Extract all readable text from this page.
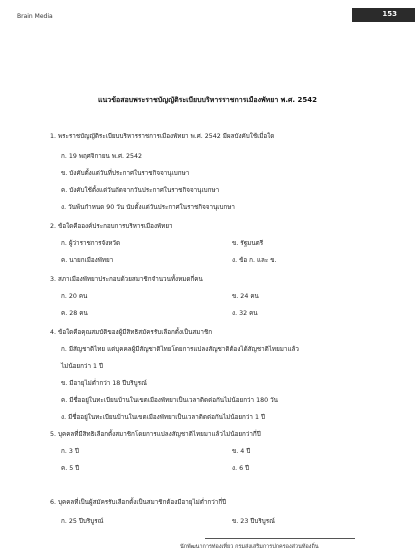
Brain Media	153
แนวข้อสอบพระราชบัญญัติระเบียบบริหารราชการเมืองพัทยา พ.ศ. 2542
1. พระราชบัญญัติระเบียบบริหารราชการเมืองพัทยา พ.ศ. 2542 มีผลบังคับใช้เมื่อใด
ก. 19 พฤศจิกายน พ.ศ. 2542
ข. บังคับตั้งแต่วันที่ประกาศในราชกิจจานุเบกษา
ค. บังคับใช้ตั้งแต่วันถัดจากวันประกาศในราชกิจจานุเบกษา
ง. วันพ้นกำหนด 90 วัน นับตั้งแต่วันประกาศในราชกิจจานุเบกษา
2. ข้อใดคือองค์ประกอบการบริหารเมืองพัทยา
ก. ผู้ว่าราชการจังหวัด	ข. รัฐมนตรี
ค. นายกเมืองพัทยา	ง. ข้อ ก. และ ข.
3. สภาเมืองพัทยาประกอบด้วยสมาชิกจำนวนทั้งหมดกี่คน
ก. 20 คน	ข. 24 คน
ค. 28 คน	ง. 32 คน
4. ข้อใดคือคุณสมบัติของผู้มีสิทธิสมัครรับเลือกตั้งเป็นสมาชิก
ก. มีสัญชาติไทย แต่บุคคลผู้มีสัญชาติไทยโดยการแปลงสัญชาติต้องได้สัญชาติไทยมาแล้ว
ไม่น้อยกว่า 1 ปี
ข. มีอายุไม่ต่ำกว่า 18 ปีบริบูรณ์
ค. มีชื่ออยู่ในทะเบียนบ้านในเขตเมืองพัทยาเป็นเวลาติดต่อกันไม่น้อยกว่า 180 วัน
ง. มีชื่ออยู่ในทะเบียนบ้านในเขตเมืองพัทยาเป็นเวลาติดต่อกันไม่น้อยกว่า 1 ปี
5. บุคคลที่มีสิทธิเลือกตั้งสมาชิกโดยการแปลงสัญชาติไทยมาแล้วไม่น้อยกว่ากี่ปี
ก. 3 ปี	ข. 4 ปี
ค. 5 ปี	ง. 6 ปี
6. บุคคลที่เป็นผู้สมัครรับเลือกตั้งเป็นสมาชิกต้องมีอายุไม่ต่ำกว่ากี่ปี
ก. 25 ปีบริบูรณ์	ข. 23 ปีบริบูรณ์
นักพัฒนาการท่องเที่ยว กรมส่งเสริมการปกครองส่วนท้องถิ่น
